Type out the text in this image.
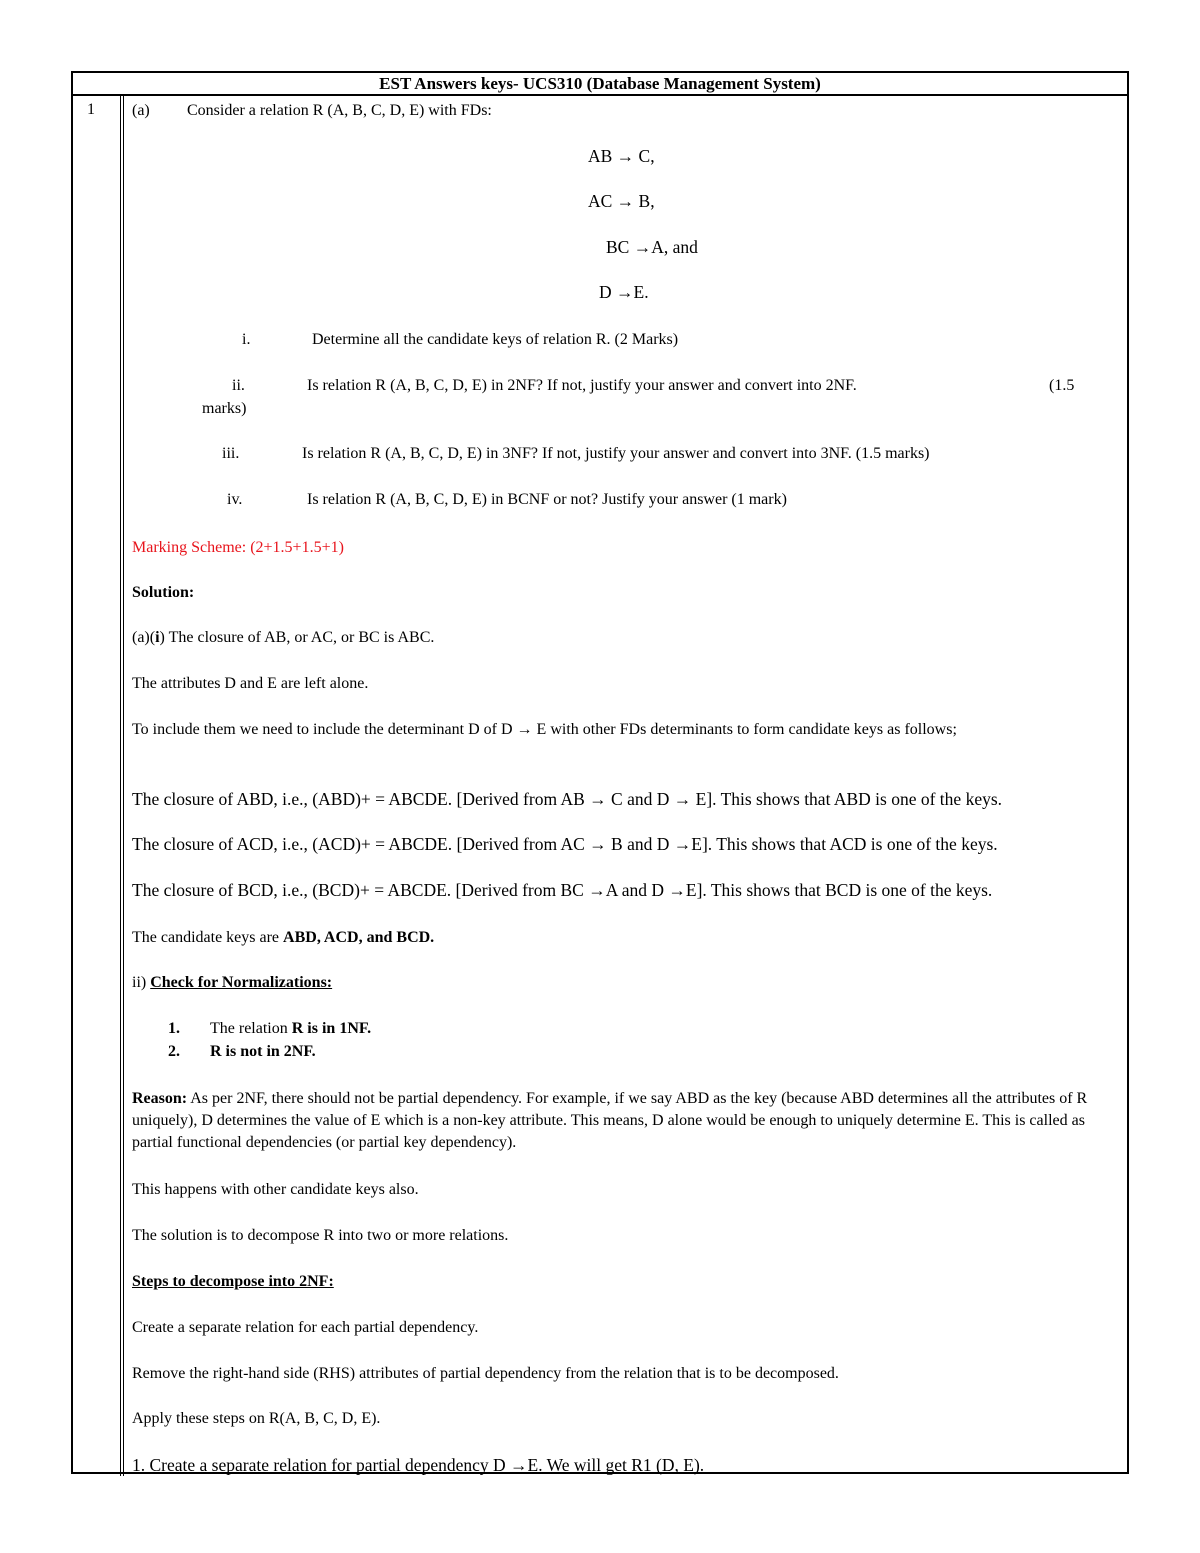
EST Answers keys- UCS310 (Database Management System)
1 (a) Consider a relation R (A, B, C, D, E) with FDs:
AB → C,
AC → B,
BC →A, and
D →E.
i.	Determine all the candidate keys of relation R. (2 Marks)
ii.	Is relation R (A, B, C, D, E) in 2NF? If not, justify your answer and convert into 2NF.	(1.5
marks)
iii.	Is relation R (A, B, C, D, E) in 3NF? If not, justify your answer and convert into 3NF. (1.5 marks)
iv.	Is relation R (A, B, C, D, E) in BCNF or not? Justify your answer (1 mark)
Marking Scheme: (2+1.5+1.5+1)
Solution:
(a)(i) The closure of AB, or AC, or BC is ABC.
The attributes D and E are left alone.
To include them we need to include the determinant D of D → E with other FDs determinants to form candidate keys as follows;
The closure of ABD, i.e., (ABD)+ = ABCDE. [Derived from AB → C and D → E]. This shows that ABD is one of the keys.
The closure of ACD, i.e., (ACD)+ = ABCDE. [Derived from AC → B and D →E]. This shows that ACD is one of the keys.
The closure of BCD, i.e., (BCD)+ = ABCDE. [Derived from BC →A and D →E]. This shows that BCD is one of the keys.
The candidate keys are ABD, ACD, and BCD.
ii) Check for Normalizations:
1. The relation R is in 1NF.
2. R is not in 2NF.
Reason: As per 2NF, there should not be partial dependency. For example, if we say ABD as the key (because ABD determines all the attributes of R uniquely), D determines the value of E which is a non-key attribute. This means, D alone would be enough to uniquely determine E. This is called as partial functional dependencies (or partial key dependency).
This happens with other candidate keys also.
The solution is to decompose R into two or more relations.
Steps to decompose into 2NF:
Create a separate relation for each partial dependency.
Remove the right-hand side (RHS) attributes of partial dependency from the relation that is to be decomposed.
Apply these steps on R(A, B, C, D, E).
1. Create a separate relation for partial dependency D →E. We will get R1 (D, E).
